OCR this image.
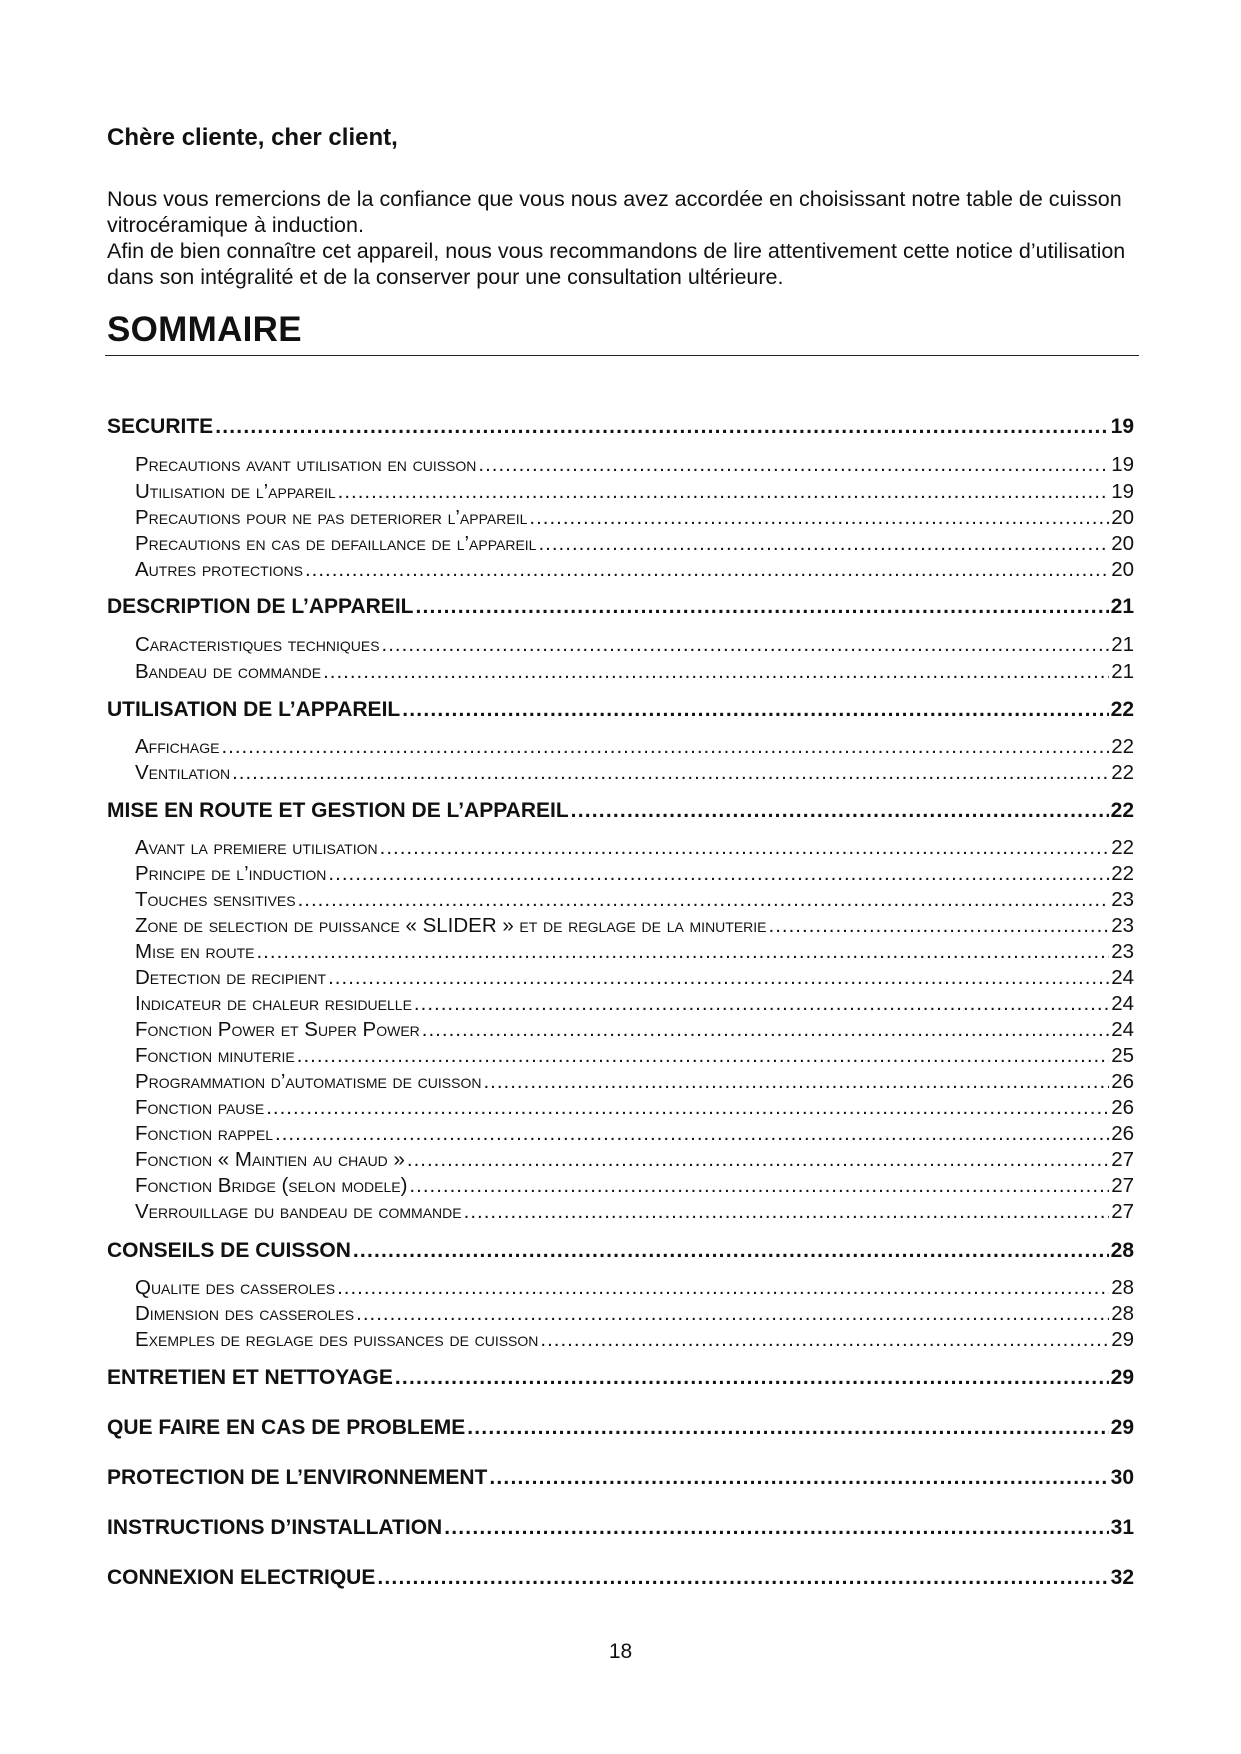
Chère cliente, cher client,

Nous vous remercions de la confiance que vous nous avez accordée en choisissant notre table de cuisson vitrocéramique à induction.

Afin de bien connaître cet appareil, nous vous recommandons de lire attentivement cette notice d’utilisation dans son intégralité et de la conserver pour une consultation ultérieure.

SOMMAIRE
SECURITE .....	19
Precautions avant utilisation en cuisson .....	19
Utilisation de l’appareil .....	19
Precautions pour ne pas deteriorer l’appareil .....	20
Precautions en cas de defaillance de l’appareil .....	20
Autres protections .....	20
DESCRIPTION DE L’APPAREIL .....	21
Caracteristiques techniques .....	21
Bandeau de commande .....	21
UTILISATION DE L’APPAREIL .....	22
Affichage .....	22
Ventilation .....	22
MISE EN ROUTE ET GESTION DE L’APPAREIL .....	22
Avant la premiere utilisation .....	22
Principe de l’induction .....	22
Touches sensitives .....	23
Zone de selection de puissance « SLIDER » et de reglage de la minuterie .....	23
Mise en route .....	23
Detection de recipient .....	24
Indicateur de chaleur residuelle .....	24
Fonction Power et Super Power .....	24
Fonction minuterie .....	25
Programmation d’automatisme de cuisson .....	26
Fonction pause .....	26
Fonction rappel .....	26
Fonction « Maintien au chaud » .....	27
Fonction Bridge (selon modele) .....	27
Verrouillage du bandeau de commande .....	27
CONSEILS DE CUISSON .....	28
Qualite des casseroles .....	28
Dimension des casseroles .....	28
Exemples de reglage des puissances de cuisson .....	29
ENTRETIEN ET NETTOYAGE .....	29
QUE FAIRE EN CAS DE PROBLEME .....	29
PROTECTION DE L’ENVIRONNEMENT .....	30
INSTRUCTIONS D’INSTALLATION .....	31
CONNEXION ELECTRIQUE .....	32
18
